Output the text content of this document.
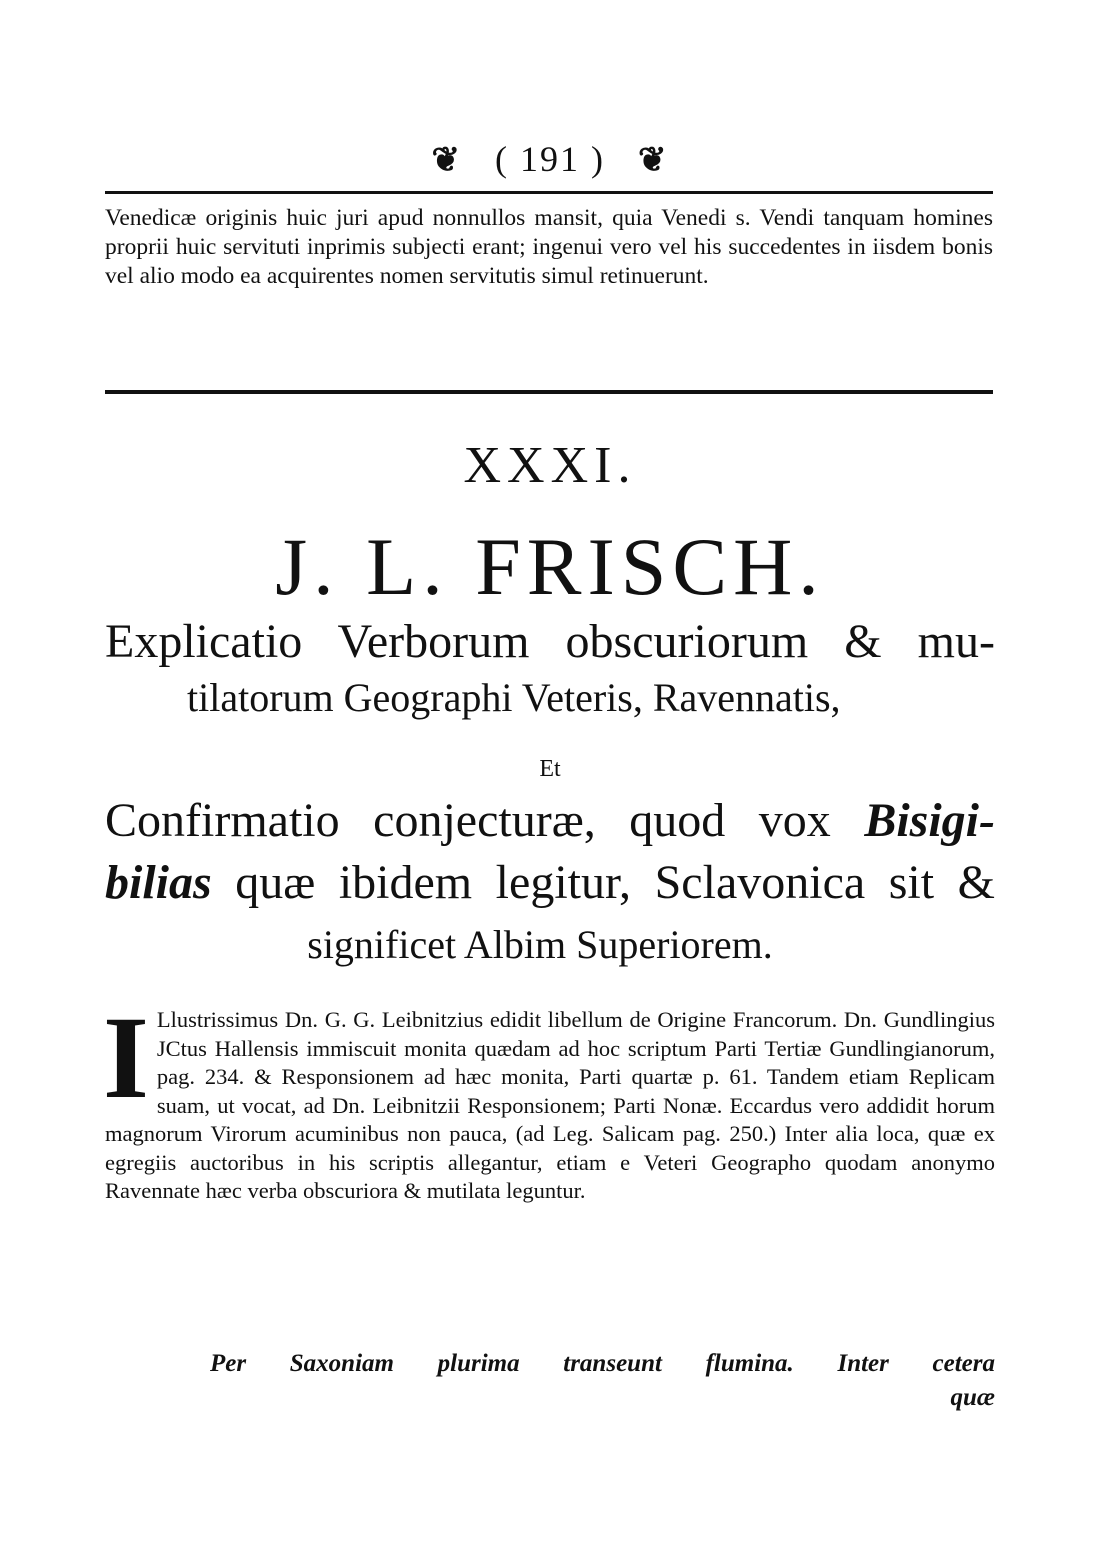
❦ ( 191 ) ❦

Venedicæ originis huic juri apud nonnullos mansit, quia Venedi s. Vendi tanquam homines proprii huic servituti inprimis subjecti erant; ingenui vero vel his succedentes in iisdem bonis vel alio modo ea acquirentes nomen servitutis simul retinuerunt.

XXXI.
J. L. FRISCH.
Explicatio Verborum obscuriorum & mu-
tilatorum Geographi Veteris, Ravennatis,
Et
Confirmatio conjecturæ, quod vox Bisigi-
bilias quæ ibidem legitur, Sclavonica sit &
significet Albim Superiorem.
I Llustrissimus Dn. G. G. Leibnitzius edidit libellum de Origine Francorum. Dn. Gundlingius JCtus Hallensis immiscuit monita quædam ad hoc scriptum Parti Tertiæ Gundlingianorum, pag. 234. & Responsionem ad hæc monita, Parti quartæ p. 61. Tandem etiam Replicam suam, ut vocat, ad Dn. Leibnitzii Responsionem; Parti Nonæ. Eccardus vero addidit horum magnorum Virorum acuminibus non pauca, (ad Leg. Salicam pag. 250.) Inter alia loca, quæ ex egregiis auctoribus in his scriptis allegantur, etiam e Veteri Geographo quodam anonymo Ravennate hæc verba obscuriora & mutilata leguntur.
Per Saxoniam plurima transeunt flumina. Inter cetera
quæ
